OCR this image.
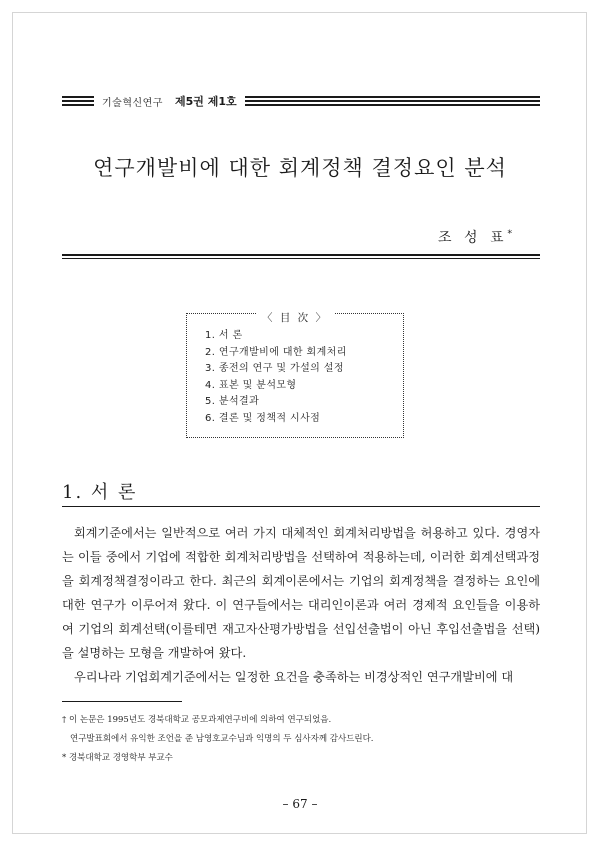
기술혁신연구 제5권 제1호
연구개발비에 대한 회계정책 결정요인 분석
조 성 표*
〈 目 次 〉
1. 서 론
2. 연구개발비에 대한 회계처리
3. 종전의 연구 및 가설의 설정
4. 표본 및 분석모형
5. 분석결과
6. 결론 및 정책적 시사점
1. 서 론

회계기준에서는 일반적으로 여러 가지 대체적인 회계처리방법을 허용하고 있다. 경영자는 이들 중에서 기업에 적합한 회계처리방법을 선택하여 적용하는데, 이러한 회계선택과정을 회계정책결정이라고 한다. 최근의 회계이론에서는 기업의 회계정책을 결정하는 요인에 대한 연구가 이루어져 왔다. 이 연구들에서는 대리인이론과 여러 경제적 요인들을 이용하여 기업의 회계선택(이를테면 재고자산평가방법을 선입선출법이 아닌 후입선출법을 선택)을 설명하는 모형을 개발하여 왔다.

우리나라 기업회계기준에서는 일정한 요건을 충족하는 비경상적인 연구개발비에 대

† 이 논문은 1995년도 경북대학교 공모과제연구비에 의하여 연구되었음.
연구발표회에서 유익한 조언을 준 남영호교수님과 익명의 두 심사자께 감사드린다.
* 경북대학교 경영학부 부교수
– 67 –
